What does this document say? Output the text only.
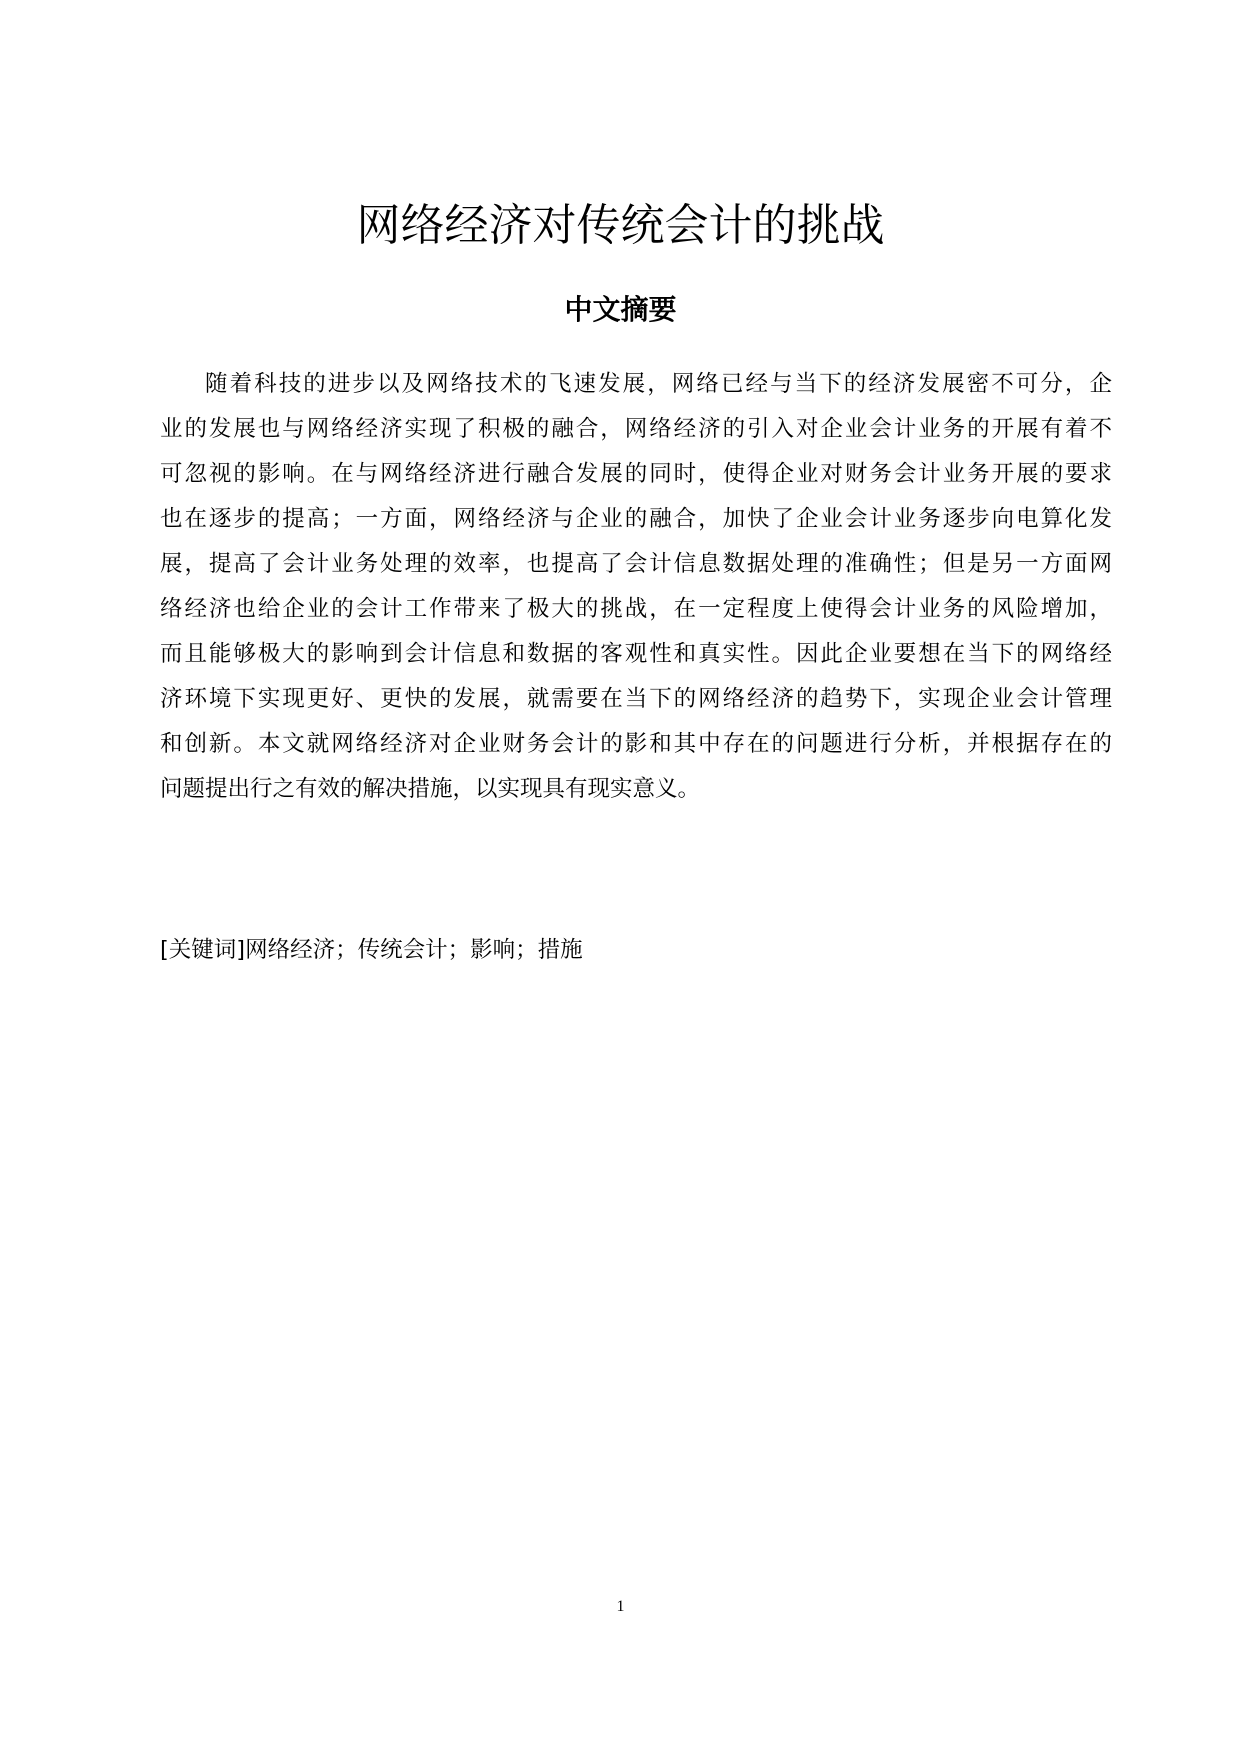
网络经济对传统会计的挑战
中文摘要
随着科技的进步以及网络技术的飞速发展，网络已经与当下的经济发展密不可分，企
业的发展也与网络经济实现了积极的融合，网络经济的引入对企业会计业务的开展有着不
可忽视的影响。在与网络经济进行融合发展的同时，使得企业对财务会计业务开展的要求
也在逐步的提高；一方面，网络经济与企业的融合，加快了企业会计业务逐步向电算化发
展，提高了会计业务处理的效率，也提高了会计信息数据处理的准确性；但是另一方面网
络经济也给企业的会计工作带来了极大的挑战，在一定程度上使得会计业务的风险增加，
而且能够极大的影响到会计信息和数据的客观性和真实性。因此企业要想在当下的网络经
济环境下实现更好、更快的发展，就需要在当下的网络经济的趋势下，实现企业会计管理
和创新。本文就网络经济对企业财务会计的影和其中存在的问题进行分析，并根据存在的
问题提出行之有效的解决措施，以实现具有现实意义。

[关键词]网络经济；传统会计；影响；措施

1
